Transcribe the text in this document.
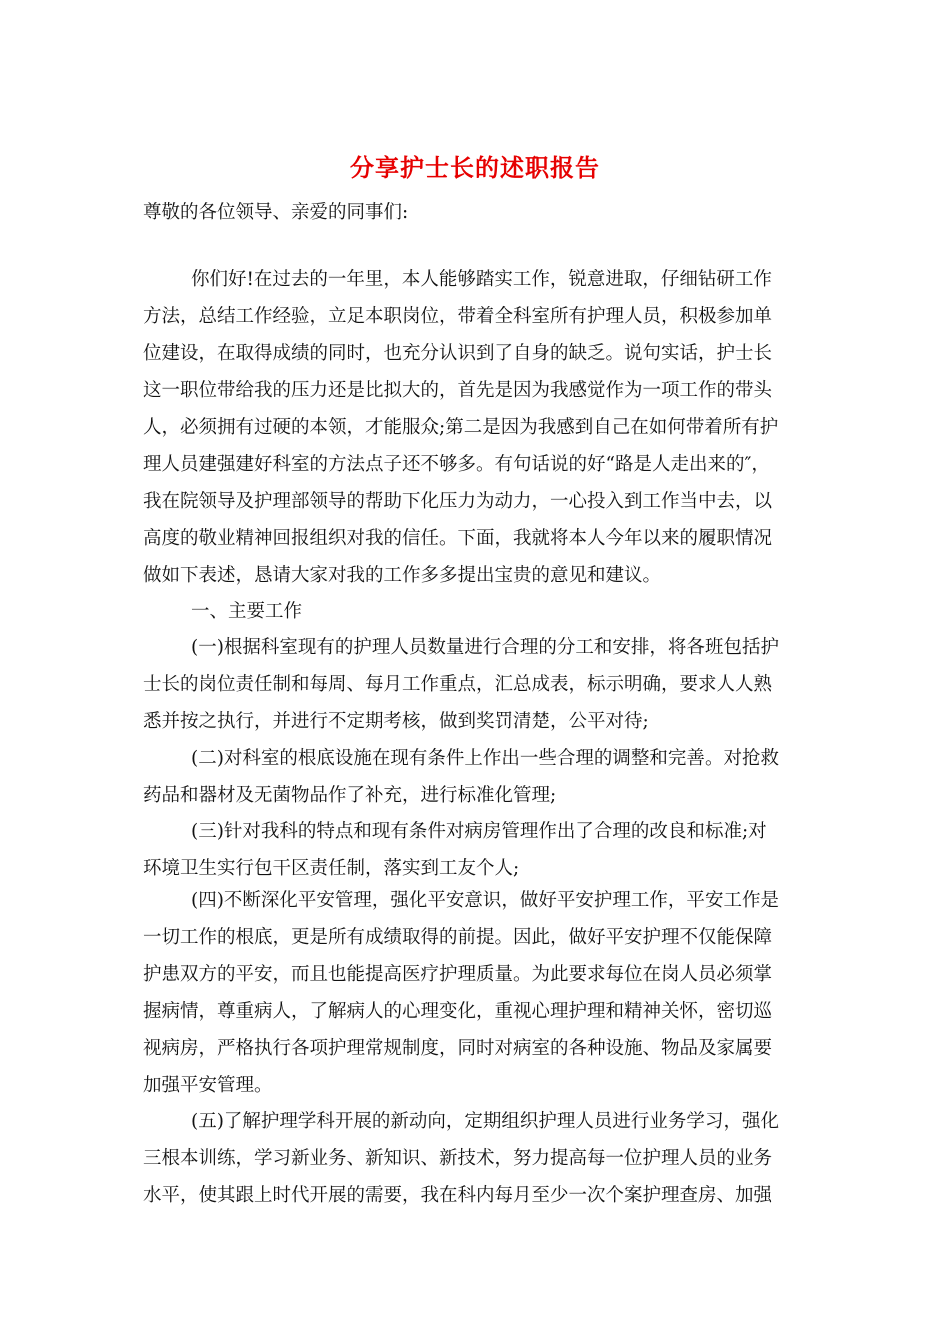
分享护士长的述职报告
尊敬的各位领导、亲爱的同事们:
你们好!在过去的一年里，本人能够踏实工作，锐意进取，仔细钻研工作
方法，总结工作经验，立足本职岗位，带着全科室所有护理人员，积极参加单
位建设，在取得成绩的同时，也充分认识到了自身的缺乏。说句实话，护士长
这一职位带给我的压力还是比拟大的，首先是因为我感觉作为一项工作的带头
人，必须拥有过硬的本领，才能服众;第二是因为我感到自己在如何带着所有护
理人员建强建好科室的方法点子还不够多。有句话说的好“路是人走出来的″，
我在院领导及护理部领导的帮助下化压力为动力，一心投入到工作当中去，以
高度的敬业精神回报组织对我的信任。下面，我就将本人今年以来的履职情况
做如下表述，恳请大家对我的工作多多提出宝贵的意见和建议。
一、主要工作
(一)根据科室现有的护理人员数量进行合理的分工和安排，将各班包括护
士长的岗位责任制和每周、每月工作重点，汇总成表，标示明确，要求人人熟
悉并按之执行，并进行不定期考核，做到奖罚清楚，公平对待;
(二)对科室的根底设施在现有条件上作出一些合理的调整和完善。对抢救
药品和器材及无菌物品作了补充，进行标准化管理;
(三)针对我科的特点和现有条件对病房管理作出了合理的改良和标准;对
环境卫生实行包干区责任制，落实到工友个人;
(四)不断深化平安管理，强化平安意识，做好平安护理工作，平安工作是
一切工作的根底，更是所有成绩取得的前提。因此，做好平安护理不仅能保障
护患双方的平安，而且也能提高医疗护理质量。为此要求每位在岗人员必须掌
握病情，尊重病人，了解病人的心理变化，重视心理护理和精神关怀，密切巡
视病房，严格执行各项护理常规制度，同时对病室的各种设施、物品及家属要
加强平安管理。
(五)了解护理学科开展的新动向，定期组织护理人员进行业务学习，强化
三根本训练，学习新业务、新知识、新技术，努力提高每一位护理人员的业务
水平，使其跟上时代开展的需要，我在科内每月至少一次个案护理查房、加强
